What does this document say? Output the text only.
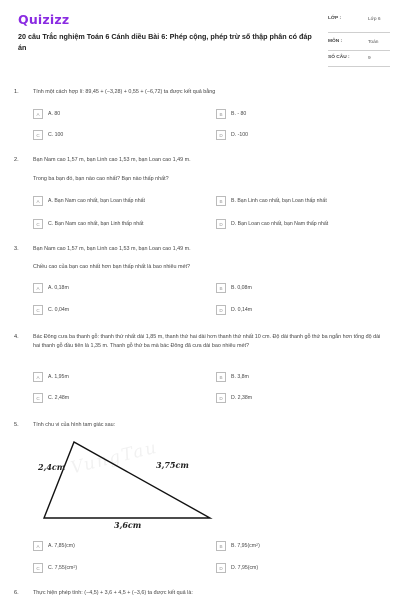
Quizizz
20 câu Trắc nghiệm Toán 6 Cánh diều Bài 6: Phép cộng, phép trừ số thập phân có đáp án
LỚP :	Lớp 6
MÔN :	Toán
SỐ CÂU :	9
1.	Tính một cách hợp lí: 89,45 + (−3,28) + 0,55 + (−6,72) ta được kết quả bằng
A	A. 80	B	B. - 80
C	C. 100	D	D. -100
2.	Bạn Nam cao 1,57 m, bạn Linh cao 1,53 m, bạn Loan cao 1,49 m.
Trong ba bạn đó, bạn nào cao nhất? Bạn nào thấp nhất?
A	A. Bạn Nam cao nhất, bạn Loan thấp nhất	B	B. Bạn Linh cao nhất, bạn Loan thấp nhất
C	C. Bạn Nam cao nhất, bạn Linh thấp nhất	D	D. Bạn Loan cao nhất, bạn Nam thấp nhất
3.	Bạn Nam cao 1,57 m, bạn Linh cao 1,53 m, bạn Loan cao 1,49 m.
Chiều cao của bạn cao nhất hơn bạn thấp nhất là bao nhiêu mét?
A	A. 0,18m	B	B. 0,08m
C	C. 0,04m	D	D. 0,14m
4.	Bác Đông cưa ba thanh gỗ: thanh thứ nhất dài 1,85 m, thanh thứ hai dài hơn thanh thứ nhất 10 cm. Độ dài thanh gỗ thứ ba ngắn hơn tổng độ dài hai thanh gỗ đầu tiên là 1,35 m. Thanh gỗ thứ ba mà bác Đông đã cưa dài bao nhiêu mét?
A	A. 1,95m	B	B. 3,8m
C	C. 2,48m	D	D. 2,38m
5.	Tính chu vi của hình tam giác sau:
VungTau
2,4cm	3,75cm
3,6cm
A	A. 7,85(cm)	B	B. $7,95(cm^2)$
C	C. $7,55(cm^2)$	D	D. 7,95(cm)
6.	Thực hiện phép tính: (−4,5) + 3,6 + 4,5 + (−3,6) ta được kết quả là:
